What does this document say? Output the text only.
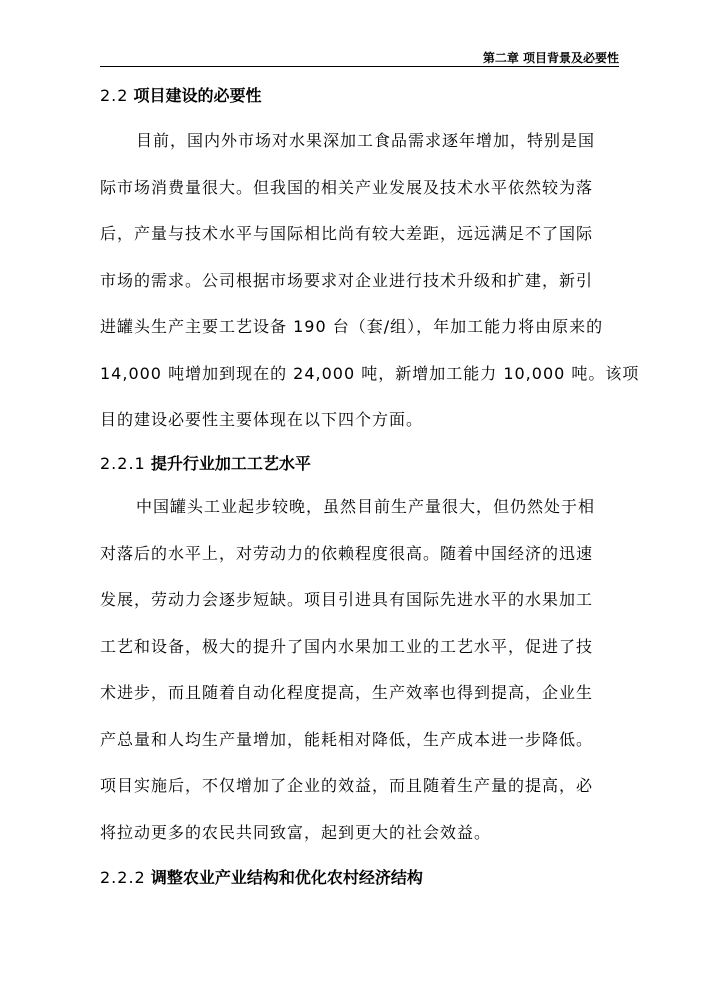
第二章 项目背景及必要性
2.2 项目建设的必要性
目前，国内外市场对水果深加工食品需求逐年增加，特别是国
际市场消费量很大。但我国的相关产业发展及技术水平依然较为落
后，产量与技术水平与国际相比尚有较大差距，远远满足不了国际
市场的需求。公司根据市场要求对企业进行技术升级和扩建，新引
进罐头生产主要工艺设备 190 台（套/组），年加工能力将由原来的
14,000 吨增加到现在的 24,000 吨，新增加工能力 10,000 吨。该项
目的建设必要性主要体现在以下四个方面。
2.2.1 提升行业加工工艺水平
中国罐头工业起步较晚，虽然目前生产量很大，但仍然处于相
对落后的水平上，对劳动力的依赖程度很高。随着中国经济的迅速
发展，劳动力会逐步短缺。项目引进具有国际先进水平的水果加工
工艺和设备，极大的提升了国内水果加工业的工艺水平，促进了技
术进步，而且随着自动化程度提高，生产效率也得到提高，企业生
产总量和人均生产量增加，能耗相对降低，生产成本进一步降低。
项目实施后，不仅增加了企业的效益，而且随着生产量的提高，必
将拉动更多的农民共同致富，起到更大的社会效益。
2.2.2 调整农业产业结构和优化农村经济结构
